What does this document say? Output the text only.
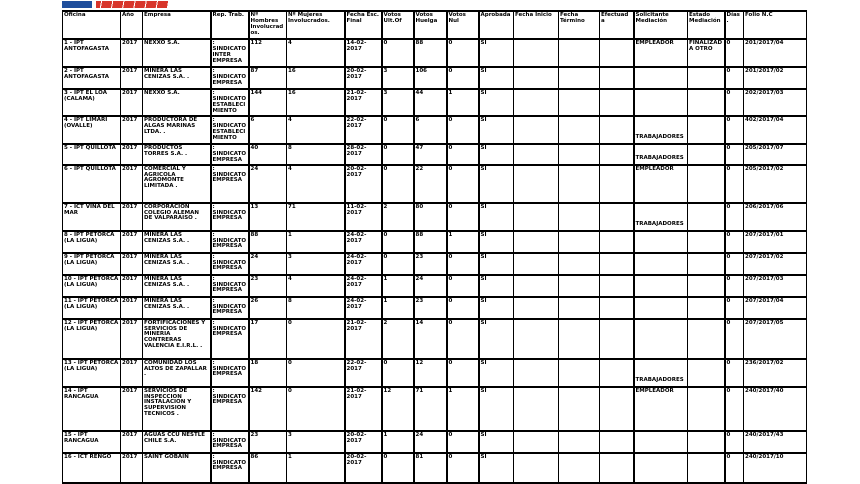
Oficina	Año	Empresa	Rep. Trab.	Nº Hombres Involucrados.	Nº Mujeres Involucrados.	Fecha Esc. Final	Votos Ult.Of	Votos Huelga	Votos Nul	Aprobada	Fecha Inicio	Fecha Término	Efectuada	Solicitante Mediación	Estado Mediación	Días.	Folio N.C
1 - IPT ANTOFAGASTA	2017	NEXXO S.A.	: SINDICATO INTER EMPRESA	112	4	14-02-2017	0	88	0	SI				EMPLEADOR	FINALIZADA OTRO	0	201/2017/04
2 - IPT ANTOFAGASTA	2017	MINERA LAS CENIZAS S.A. .	: SINDICATO EMPRESA	87	16	20-02-2017	3	106	0	SI						0	201/2017/02
3 - IPT EL LOA (CALAMA)	2017	NEXXO S.A.	: SINDICATO ESTABLECIMIENTO	144	16	21-02-2017	3	44	1	SI						0	202/2017/03
4 - IPT LIMARI (OVALLE)	2017	PRODUCTORA DE ALGAS MARINAS LTDA. .	: SINDICATO ESTABLECIMIENTO	6	4	22-02-2017	0	6	0	SI				TRABAJADORES		0	402/2017/04
5 - IPT QUILLOTA	2017	PRODUCTOS TORRES S.A. .	: SINDICATO EMPRESA	40	8	28-02-2017	0	47	0	SI				TRABAJADORES		0	205/2017/07
6 - IPT QUILLOTA	2017	COMERCIAL Y AGRICOLA AGROMONTE LIMITADA .	: SINDICATO EMPRESA	24	4	20-02-2017	0	22	0	SI				EMPLEADOR		0	205/2017/02
7 - ICT VIÑA DEL MAR	2017	CORPORACION COLEGIO ALEMAN DE VALPARAISO .	: SINDICATO EMPRESA	13	71	11-02-2017	2	80	0	SI				TRABAJADORES		0	206/2017/06
8 - IPT PETORCA (LA LIGUA)	2017	MINERA LAS CENIZAS S.A. .	: SINDICATO EMPRESA	88	1	24-02-2017	0	88	1	SI						0	207/2017/01
9 - IPT PETORCA (LA LIGUA)	2017	MINERA LAS CENIZAS S.A. .	: SINDICATO EMPRESA	24	3	24-02-2017	0	23	0	SI						0	207/2017/02
10 - IPT PETORCA (LA LIGUA)	2017	MINERA LAS CENIZAS S.A. .	: SINDICATO EMPRESA	23	4	24-02-2017	1	24	0	SI						0	207/2017/03
11 - IPT PETORCA (LA LIGUA)	2017	MINERA LAS CENIZAS S.A. .	: SINDICATO EMPRESA	26	8	24-02-2017	1	23	0	SI						0	207/2017/04
12 - IPT PETORCA (LA LIGUA)	2017	FORTIFICACIONES Y SERVICIOS DE MINERIA CONTRERAS VALENCIA E.I.R.L. .	: SINDICATO EMPRESA	17	0	21-02-2017	2	14	0	SI						0	207/2017/05
13 - IPT PETORCA (LA LIGUA)	2017	COMUNIDAD LOS ALTOS DE ZAPALLAR .	: SINDICATO EMPRESA	18	0	22-02-2017	0	12	0	SI				TRABAJADORES		0	236/2017/02
14 - IPT RANCAGUA	2017	SERVICIOS DE INSPECCION INSTALACION Y SUPERVISION TECNICOS .	: SINDICATO EMPRESA	142	0	21-02-2017	12	71	1	SI				EMPLEADOR		0	240/2017/40
15 - IPT RANCAGUA	2017	AGUAS CCU NESTLE CHILE S.A.	: SINDICATO EMPRESA	23	3	20-02-2017	1	24	0	SI						0	240/2017/43
16 - ICT RENGO	2017	SAINT GOBAIN	: SINDICATO EMPRESA	86	1	20-02-2017	0	81	0	SI						0	240/2017/10
